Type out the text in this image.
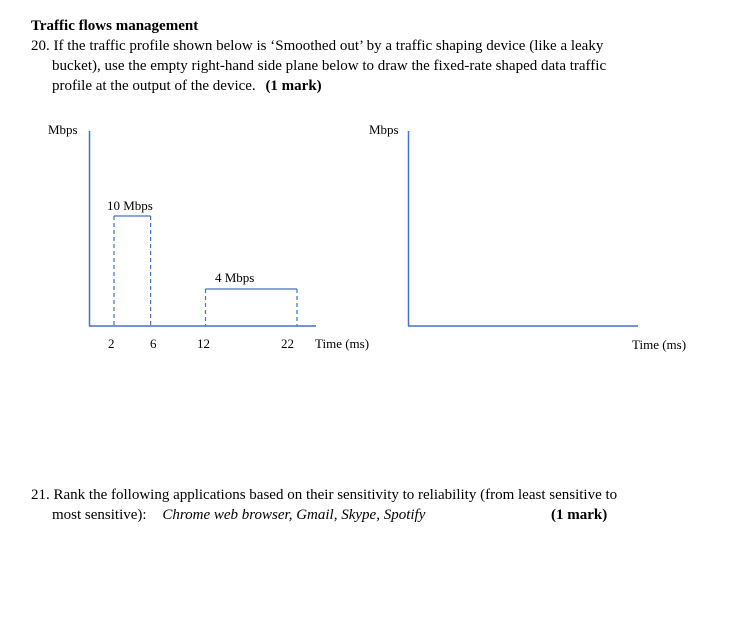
Traffic flows management
20. If the traffic profile shown below is ‘Smoothed out’ by a traffic shaping device (like a leaky
bucket), use the empty right-hand side plane below to draw the fixed-rate shaped data traffic
profile at the output of the device. (1 mark)
Mbps
Time (ms)
10 Mbps
4 Mbps
2	6	12	22
Mbps
Time (ms)
21. Rank the following applications based on their sensitivity to reliability (from least sensitive to
most sensitive): Chrome web browser, Gmail, Skype, Spotify	(1 mark)
